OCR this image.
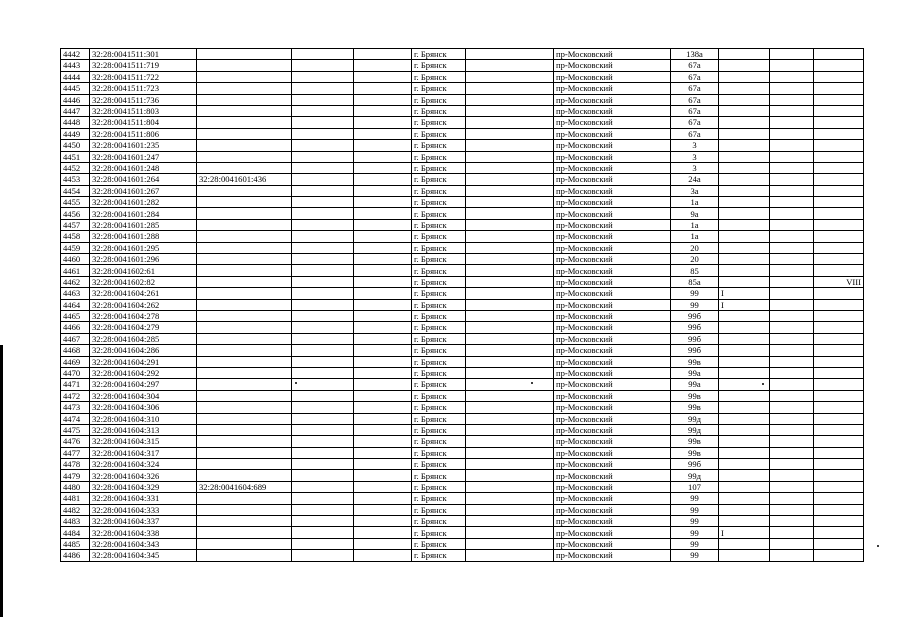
4442	32:28:0041511:301				г. Брянск		пр-Московский	138а			
4443	32:28:0041511:719				г. Брянск		пр-Московский	67а			
4444	32:28:0041511:722				г. Брянск		пр-Московский	67а			
4445	32:28:0041511:723				г. Брянск		пр-Московский	67а			
4446	32:28:0041511:736				г. Брянск		пр-Московский	67а			
4447	32:28:0041511:803				г. Брянск		пр-Московский	67а			
4448	32:28:0041511:804				г. Брянск		пр-Московский	67а			
4449	32:28:0041511:806				г. Брянск		пр-Московский	67а			
4450	32:28:0041601:235				г. Брянск		пр-Московский	3			
4451	32:28:0041601:247				г. Брянск		пр-Московский	3			
4452	32:28:0041601:248				г. Брянск		пр-Московский	3			
4453	32:28:0041601:264	32:28:0041601:436			г. Брянск		пр-Московский	24а			
4454	32:28:0041601:267				г. Брянск		пр-Московский	3а			
4455	32:28:0041601:282				г. Брянск		пр-Московский	1а			
4456	32:28:0041601:284				г. Брянск		пр-Московский	9а			
4457	32:28:0041601:285				г. Брянск		пр-Московский	1а			
4458	32:28:0041601:288				г. Брянск		пр-Московский	1а			
4459	32:28:0041601:295				г. Брянск		пр-Московский	20			
4460	32:28:0041601:296				г. Брянск		пр-Московский	20			
4461	32:28:0041602:61				г. Брянск		пр-Московский	85			
4462	32:28:0041602:82				г. Брянск		пр-Московский	85а			VIII
4463	32:28:0041604:261				г. Брянск		пр-Московский	99	I		
4464	32:28:0041604:262				г. Брянск		пр-Московский	99	I		
4465	32:28:0041604:278				г. Брянск		пр-Московский	99б			
4466	32:28:0041604:279				г. Брянск		пр-Московский	99б			
4467	32:28:0041604:285				г. Брянск		пр-Московский	99б			
4468	32:28:0041604:286				г. Брянск		пр-Московский	99б			
4469	32:28:0041604:291				г. Брянск		пр-Московский	99в			
4470	32:28:0041604:292				г. Брянск		пр-Московский	99а			
4471	32:28:0041604:297				г. Брянск		пр-Московский	99а			
4472	32:28:0041604:304				г. Брянск		пр-Московский	99в			
4473	32:28:0041604:306				г. Брянск		пр-Московский	99в			
4474	32:28:0041604:310				г. Брянск		пр-Московский	99д			
4475	32:28:0041604:313				г. Брянск		пр-Московский	99д			
4476	32:28:0041604:315				г. Брянск		пр-Московский	99в			
4477	32:28:0041604:317				г. Брянск		пр-Московский	99в			
4478	32:28:0041604:324				г. Брянск		пр-Московский	99б			
4479	32:28:0041604:326				г. Брянск		пр-Московский	99д			
4480	32:28:0041604:329	32:28:0041604:689			г. Брянск		пр-Московский	107			
4481	32:28:0041604:331				г. Брянск		пр-Московский	99			
4482	32:28:0041604:333				г. Брянск		пр-Московский	99			
4483	32:28:0041604:337				г. Брянск		пр-Московский	99			
4484	32:28:0041604:338				г. Брянск		пр-Московский	99	I		
4485	32:28:0041604:343				г. Брянск		пр-Московский	99			
4486	32:28:0041604:345				г. Брянск		пр-Московский	99			
